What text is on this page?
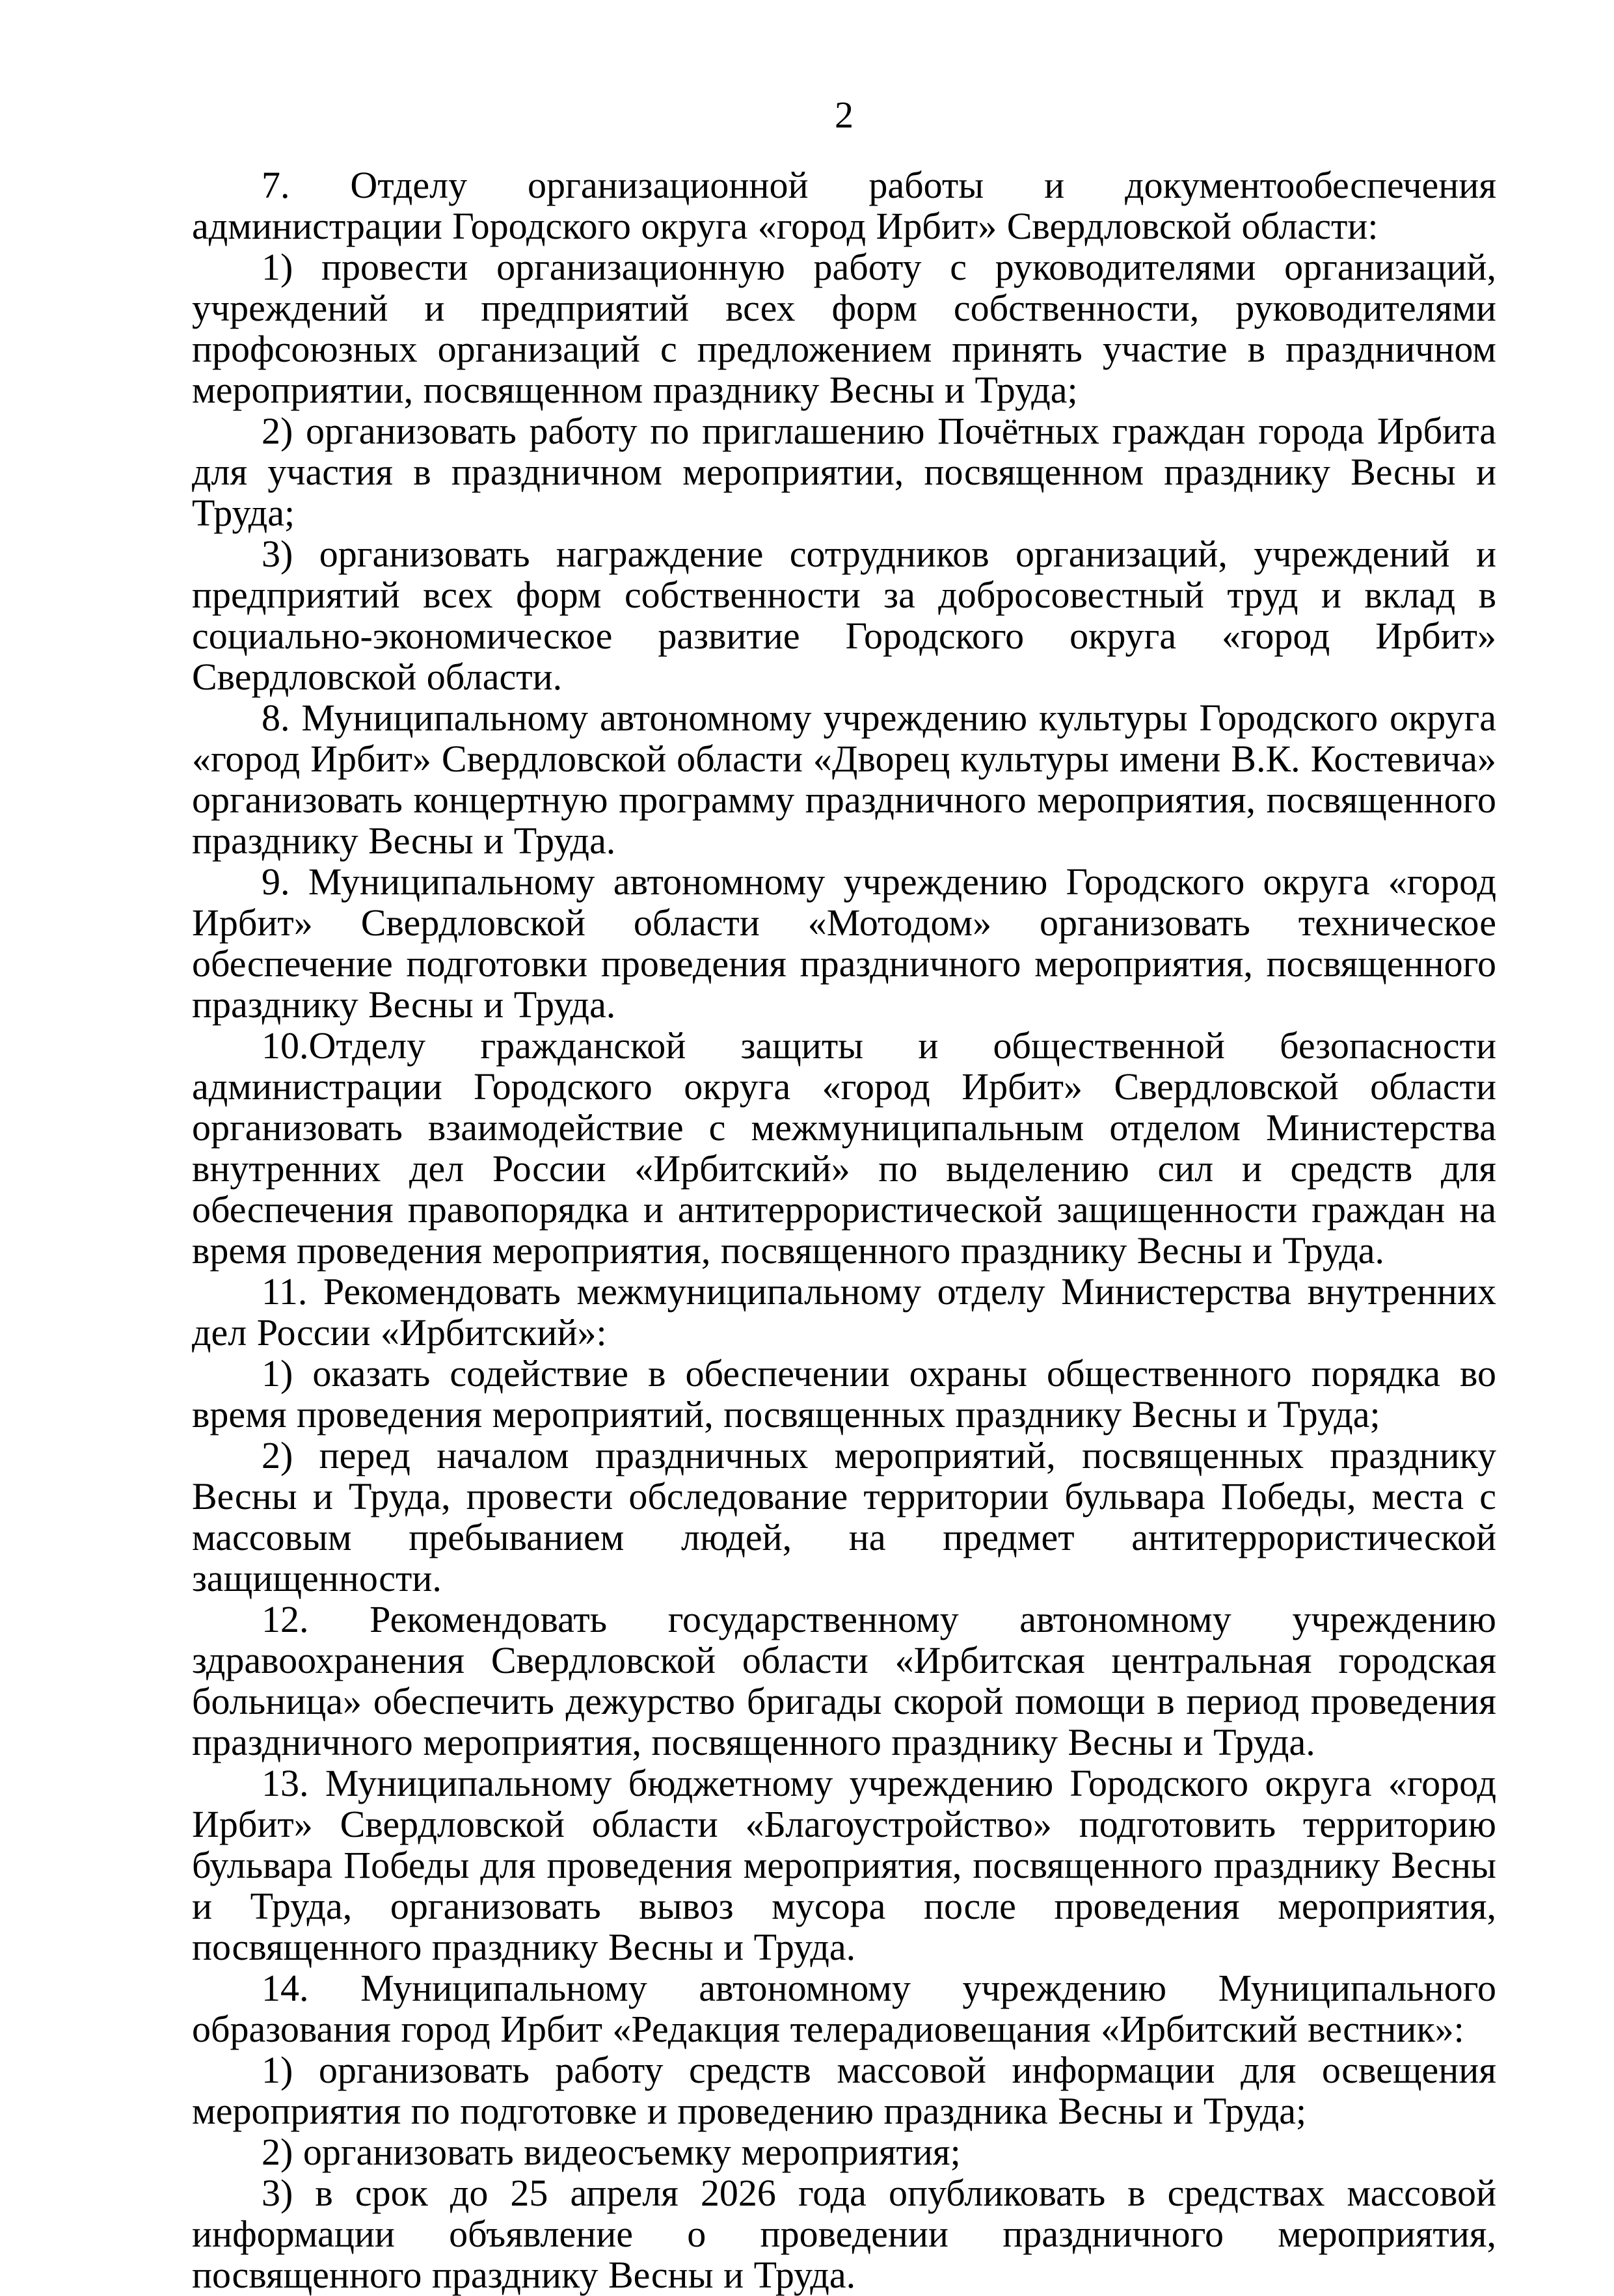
2

7. Отделу организационной работы и документообеспечения администрации Городского округа «город Ирбит» Свердловской области:

1) провести организационную работу с руководителями организаций, учреждений и предприятий всех форм собственности, руководителями профсоюзных организаций с предложением принять участие в праздничном мероприятии, посвященном празднику Весны и Труда;

2) организовать работу по приглашению Почётных граждан города Ирбита для участия в праздничном мероприятии, посвященном празднику Весны и Труда;

3) организовать награждение сотрудников организаций, учреждений и предприятий всех форм собственности за добросовестный труд и вклад в социально-экономическое развитие Городского округа «город Ирбит» Свердловской области.

8. Муниципальному автономному учреждению культуры Городского округа «город Ирбит» Свердловской области «Дворец культуры имени В.К. Костевича» организовать концертную программу праздничного мероприятия, посвященного празднику Весны и Труда.

9. Муниципальному автономному учреждению Городского округа «город Ирбит» Свердловской области «Мотодом» организовать техническое обеспечение подготовки проведения праздничного мероприятия, посвященного празднику Весны и Труда.

10.Отделу гражданской защиты и общественной безопасности администрации Городского округа «город Ирбит» Свердловской области организовать взаимодействие с межмуниципальным отделом Министерства внутренних дел России «Ирбитский» по выделению сил и средств для обеспечения правопорядка и антитеррористической защищенности граждан на время проведения мероприятия, посвященного празднику Весны и Труда.

11. Рекомендовать межмуниципальному отделу Министерства внутренних дел России «Ирбитский»:

1) оказать содействие в обеспечении охраны общественного порядка во время проведения мероприятий, посвященных празднику Весны и Труда;

2) перед началом праздничных мероприятий, посвященных празднику Весны и Труда, провести обследование территории бульвара Победы, места с массовым пребыванием людей, на предмет антитеррористической защищенности.

12. Рекомендовать государственному автономному учреждению здравоохранения Свердловской области «Ирбитская центральная городская больница» обеспечить дежурство бригады скорой помощи в период проведения праздничного мероприятия, посвященного празднику Весны и Труда.

13. Муниципальному бюджетному учреждению Городского округа «город Ирбит» Свердловской области «Благоустройство» подготовить территорию бульвара Победы для проведения мероприятия, посвященного празднику Весны и Труда, организовать вывоз мусора после проведения мероприятия, посвященного празднику Весны и Труда.

14. Муниципальному автономному учреждению Муниципального образования город Ирбит «Редакция телерадиовещания «Ирбитский вестник»:

1) организовать работу средств массовой информации для освещения мероприятия по подготовке и проведению праздника Весны и Труда;

2) организовать видеосъемку мероприятия;

3) в срок до 25 апреля 2026 года опубликовать в средствах массовой информации объявление о проведении праздничного мероприятия, посвященного празднику Весны и Труда.
